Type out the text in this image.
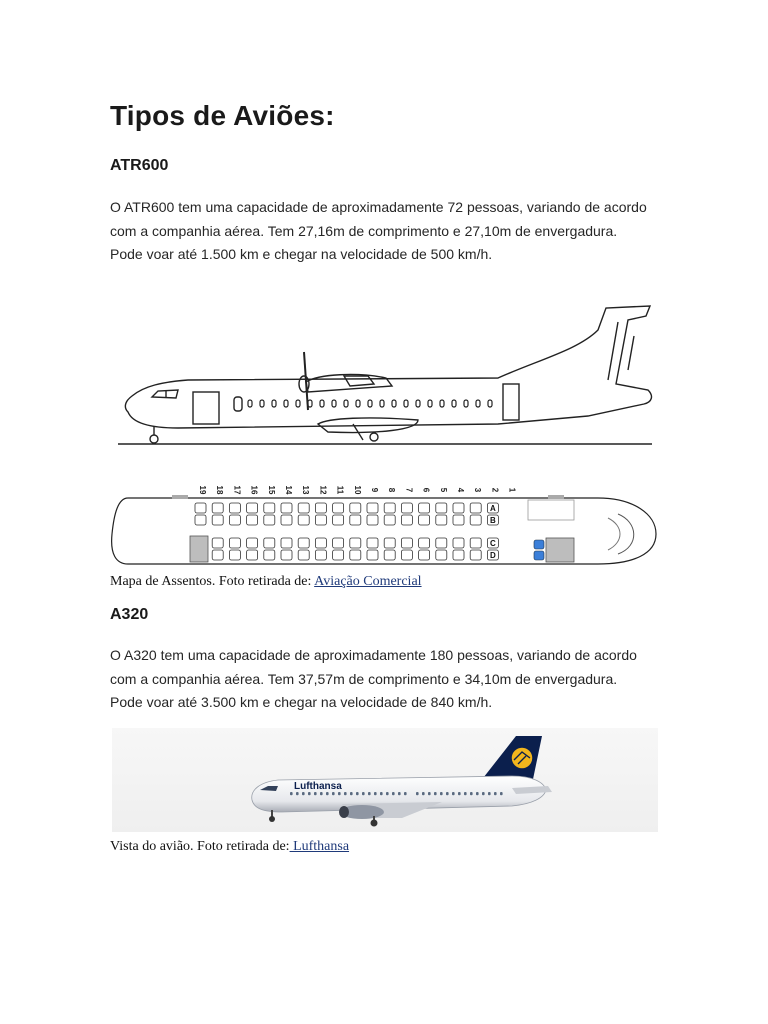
Tipos de Aviões:
ATR600

O ATR600 tem uma capacidade de aproximadamente 72 pessoas, variando de acordo com a companhia aérea. Tem 27,16m de comprimento e 27,10m de envergadura. Pode voar até 1.500 km e chegar na velocidade de 500 km/h.

19 18 17 16 15 14 13 12 11 10 9 8 7 6 5 4 3 2 1
A
B
C
D

Mapa de Assentos. Foto retirada de: Aviação Comercial

A320

O A320 tem uma capacidade de aproximadamente 180 pessoas, variando de acordo com a companhia aérea. Tem 37,57m de comprimento e 34,10m de envergadura. Pode voar até 3.500 km e chegar na velocidade de 840 km/h.

Lufthansa

Vista do avião. Foto retirada de: Lufthansa
